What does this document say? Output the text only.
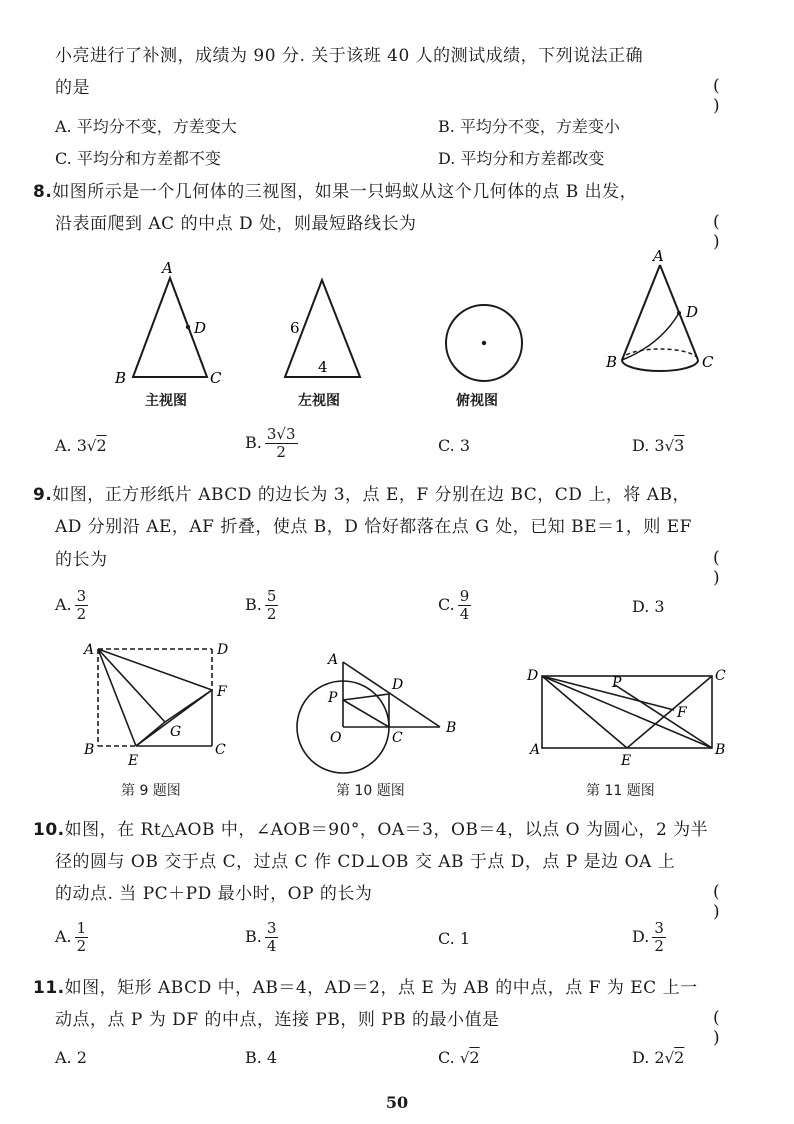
小亮进行了补测，成绩为 90 分. 关于该班 40 人的测试成绩，下列说法正确
的是	( )
A. 平均分不变，方差变大	B. 平均分不变，方差变小
C. 平均分和方差都不变	D. 平均分和方差都改变
8.如图所示是一个几何体的三视图，如果一只蚂蚁从这个几何体的点 B 出发，
沿表面爬到 AC 的中点 D 处，则最短路线长为	( )
A
B	C
D	6
4
A
B	C
D
主视图	左视图	俯视图
A. 3√2	B. $\frac{3√3}{2}$	C. 3	D. 3√3
9.如图，正方形纸片 ABCD 的边长为 3，点 E，F 分别在边 BC，CD 上，将 AB，
AD 分别沿 AE，AF 折叠，使点 B，D 恰好都落在点 G 处，已知 BE＝1，则 EF
的长为	( )
A. $\frac{3}{2}$	B. $\frac{5}{2}$	C. $\frac{9}{4}$	D. 3
A	D
F
G
B
E
C
A
P
D
O	C
B
D	P	C
F
A
E
B
第 9 题图	第 10 题图	第 11 题图
10.如图，在 Rt△AOB 中，∠AOB＝90°，OA＝3，OB＝4，以点 O 为圆心，2 为半
径的圆与 OB 交于点 C，过点 C 作 CD⊥OB 交 AB 于点 D，点 P 是边 OA 上
的动点. 当 PC＋PD 最小时，OP 的长为	( )
A. $\frac{1}{2}$	B. $\frac{3}{4}$	C. 1	D. $\frac{3}{2}$
11.如图，矩形 ABCD 中，AB＝4，AD＝2，点 E 为 AB 的中点，点 F 为 EC 上一
动点，点 P 为 DF 的中点，连接 PB，则 PB 的最小值是	( )
A. 2	B. 4	C. √2	D. 2√2
50
